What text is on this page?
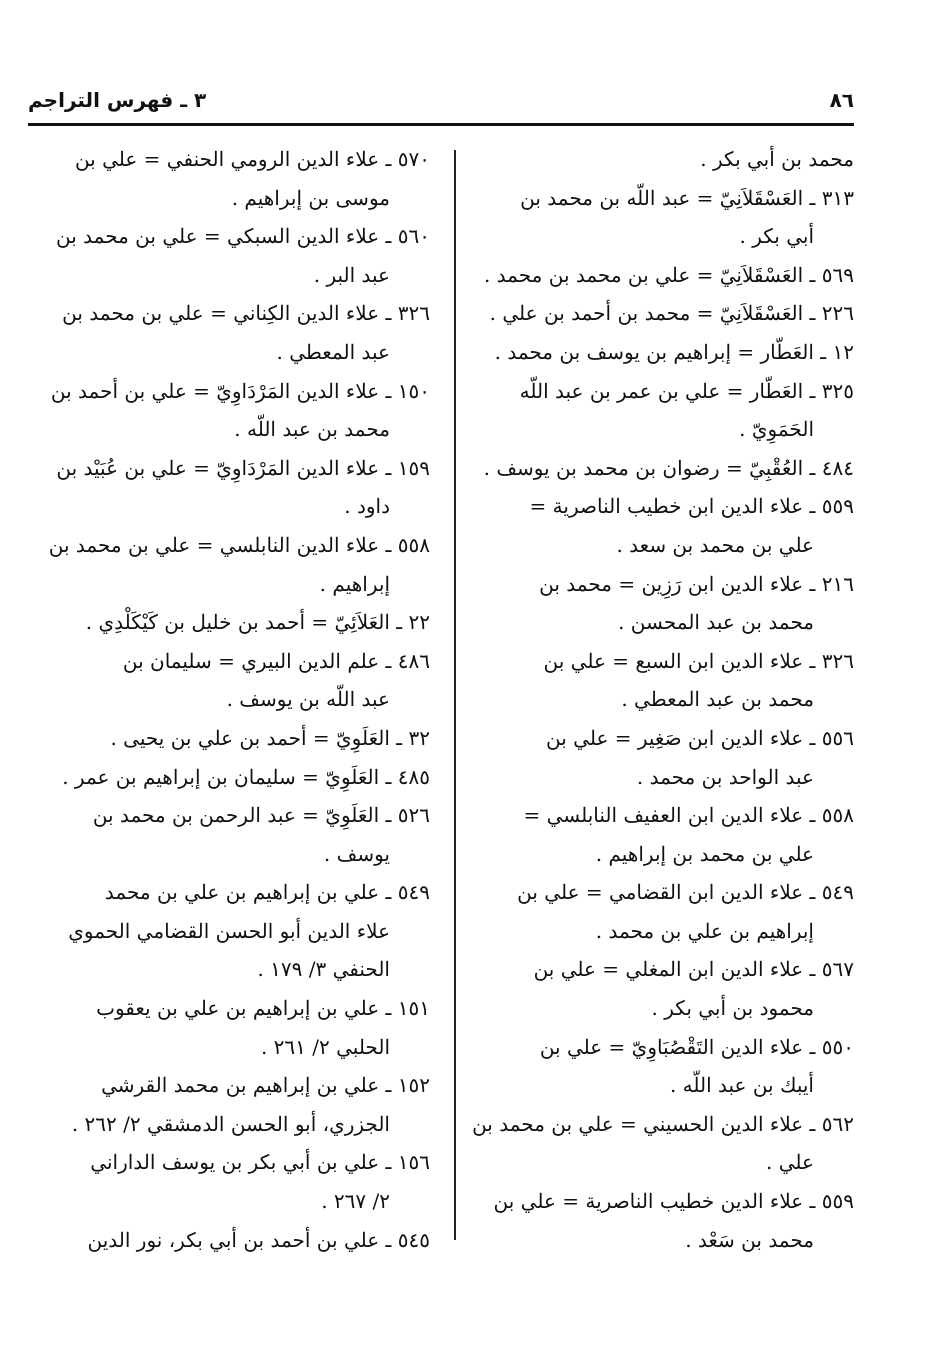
٨٦
٣ ـ فهرس التراجم
محمد بن أبي بكر .
٣١٣ ـ العَسْقَلاَنِيّ = عبد اللّه بن محمد بن
أبي بكر .
٥٦٩ ـ العَسْقَلاَنِيّ = علي بن محمد بن محمد .
٢٢٦ ـ العَسْقَلاَنِيّ = محمد بن أحمد بن علي .
١٢ ـ العَطّار = إبراهيم بن يوسف بن محمد .
٣٢٥ ـ العَطّار = علي بن عمر بن عبد اللّه
الحَمَوِيّ .
٤٨٤ ـ العُقْبِيّ = رضوان بن محمد بن يوسف .
٥٥٩ ـ علاء الدين ابن خطيب الناصرية =
علي بن محمد بن سعد .
٢١٦ ـ علاء الدين ابن رَزِين = محمد بن
محمد بن عبد المحسن .
٣٢٦ ـ علاء الدين ابن السبع = علي بن
محمد بن عبد المعطي .
٥٥٦ ـ علاء الدين ابن صَغِير = علي بن
عبد الواحد بن محمد .
٥٥٨ ـ علاء الدين ابن العفيف النابلسي =
علي بن محمد بن إبراهيم .
٥٤٩ ـ علاء الدين ابن القضامي = علي بن
إبراهيم بن علي بن محمد .
٥٦٧ ـ علاء الدين ابن المغلي = علي بن
محمود بن أبي بكر .
٥٥٠ ـ علاء الدين التَقْصُبَاوِيّ = علي بن
أيبك بن عبد اللّه .
٥٦٢ ـ علاء الدين الحسيني = علي بن محمد بن
علي .
٥٥٩ ـ علاء الدين خطيب الناصرية = علي بن
محمد بن سَعْد .
٥٧٠ ـ علاء الدين الرومي الحنفي = علي بن
موسى بن إبراهيم .
٥٦٠ ـ علاء الدين السبكي = علي بن محمد بن
عبد البر .
٣٢٦ ـ علاء الدين الكِناني = علي بن محمد بن
عبد المعطي .
١٥٠ ـ علاء الدين المَرْدَاوِيّ = علي بن أحمد بن
محمد بن عبد اللّه .
١٥٩ ـ علاء الدين المَرْدَاوِيّ = علي بن عُبَيْد بن
داود .
٥٥٨ ـ علاء الدين النابلسي = علي بن محمد بن
إبراهيم .
٢٢ ـ العَلاَئِيّ = أحمد بن خليل بن كَيْكَلْدِي .
٤٨٦ ـ علم الدين البيري = سليمان بن
عبد اللّه بن يوسف .
٣٢ ـ العَلَوِيّ = أحمد بن علي بن يحيى .
٤٨٥ ـ العَلَوِيّ = سليمان بن إبراهيم بن عمر .
٥٢٦ ـ العَلَوِيّ = عبد الرحمن بن محمد بن
يوسف .
٥٤٩ ـ علي بن إبراهيم بن علي بن محمد
علاء الدين أبو الحسن القضامي الحموي
الحنفي ٣/ ١٧٩ .
١٥١ ـ علي بن إبراهيم بن علي بن يعقوب
الحلبي ٢/ ٢٦١ .
١٥٢ ـ علي بن إبراهيم بن محمد القرشي
الجزري، أبو الحسن الدمشقي ٢/ ٢٦٢ .
١٥٦ ـ علي بن أبي بكر بن يوسف الداراني
٢/ ٢٦٧ .
٥٤٥ ـ علي بن أحمد بن أبي بكر، نور الدين
